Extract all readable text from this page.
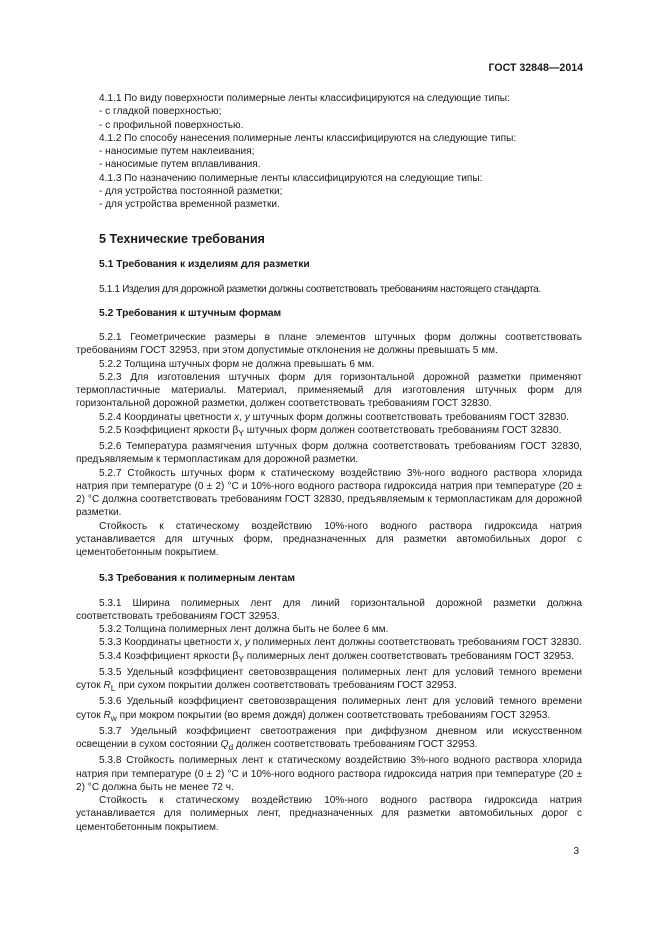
ГОСТ 32848—2014

4.1.1 По виду поверхности полимерные ленты классифицируются на следующие типы:

- с гладкой поверхностью;

- с профильной поверхностью.

4.1.2 По способу нанесения полимерные ленты классифицируются на следующие типы:

- наносимые путем наклеивания;

- наносимые путем вплавливания.

4.1.3 По назначению полимерные ленты классифицируются на следующие типы:

- для устройства постоянной разметки;

- для устройства временной разметки.

5 Технические требования

5.1 Требования к изделиям для разметки

5.1.1 Изделия для дорожной разметки должны соответствовать требованиям настоящего стандарта.

5.2 Требования к штучным формам

5.2.1 Геометрические размеры в плане элементов штучных форм должны соответствовать требованиям ГОСТ 32953, при этом допустимые отклонения не должны превышать 5 мм.

5.2.2 Толщина штучных форм не должна превышать 6 мм.

5.2.3 Для изготовления штучных форм для горизонтальной дорожной разметки применяют термопластичные материалы. Материал, применяемый для изготовления штучных форм для горизонтальной дорожной разметки, должен соответствовать требованиям ГОСТ 32830.

5.2.4 Координаты цветности x, y штучных форм должны соответствовать требованиям ГОСТ 32830.

5.2.5 Коэффициент яркости $\beta_Y$ штучных форм должен соответствовать требованиям ГОСТ 32830.

5.2.6 Температура размягчения штучных форм должна соответствовать требованиям ГОСТ 32830, предъявляемым к термопластикам для дорожной разметки.

5.2.7 Стойкость штучных форм к статическому воздействию 3%-ного водного раствора хлорида натрия при температуре (0 ± 2) °С и 10%-ного водного раствора гидроксида натрия при температуре (20 ± 2) °С должна соответствовать требованиям ГОСТ 32830, предъявляемым к термопластикам для дорожной разметки.

Стойкость к статическому воздействию 10%-ного водного раствора гидроксида натрия устанавливается для штучных форм, предназначенных для разметки автомобильных дорог с цементобетонным покрытием.

5.3 Требования к полимерным лентам

5.3.1 Ширина полимерных лент для линий горизонтальной дорожной разметки должна соответствовать требованиям ГОСТ 32953.

5.3.2 Толщина полимерных лент должна быть не более 6 мм.

5.3.3 Координаты цветности x, y полимерных лент должны соответствовать требованиям ГОСТ 32830.

5.3.4 Коэффициент яркости $\beta_Y$ полимерных лент должен соответствовать требованиям ГОСТ 32953.

5.3.5 Удельный коэффициент световозвращения полимерных лент для условий темного времени суток $R_L$ при сухом покрытии должен соответствовать требованиям ГОСТ 32953.

5.3.6 Удельный коэффициент световозвращения полимерных лент для условий темного времени суток $R_w$ при мокром покрытии (во время дождя) должен соответствовать требованиям ГОСТ 32953.

5.3.7 Удельный коэффициент светоотражения при диффузном дневном или искусственном освещении в сухом состоянии $Q_d$ должен соответствовать требованиям ГОСТ 32953.

5.3.8 Стойкость полимерных лент к статическому воздействию 3%-ного водного раствора хлорида натрия при температуре (0 ± 2) °С и 10%-ного водного раствора гидроксида натрия при температуре (20 ± 2) °С должна быть не менее 72 ч.

Стойкость к статическому воздействию 10%-ного водного раствора гидроксида натрия устанавливается для полимерных лент, предназначенных для разметки автомобильных дорог с цементобетонным покрытием.

3
